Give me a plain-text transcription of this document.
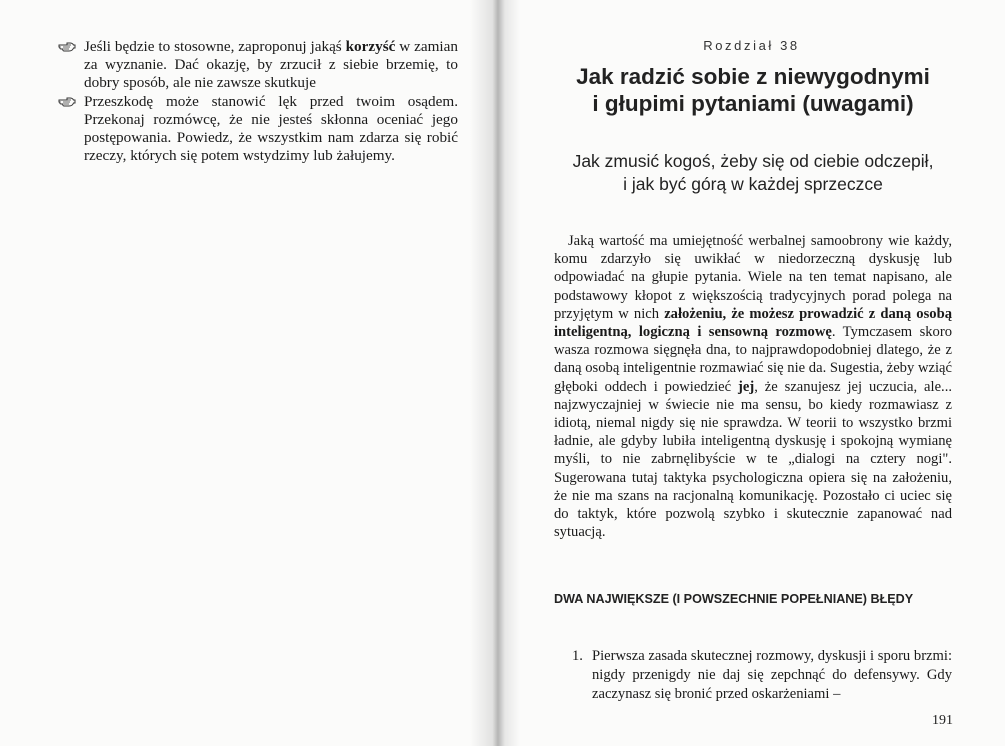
Jeśli będzie to stosowne, zaproponuj jakąś korzyść w zamian za wyznanie. Dać okazję, by zrzucił z siebie brzemię, to dobry sposób, ale nie zawsze skutkuje
Przeszkodę może stanowić lęk przed twoim osądem. Przekonaj rozmówcę, że nie jesteś skłonna oceniać jego postępowania. Powiedz, że wszystkim nam zdarza się robić rzeczy, których się potem wstydzimy lub żałujemy.
Rozdział 38
Jak radzić sobie z niewygodnymi
i głupimi pytaniami (uwagami)
Jak zmusić kogoś, żeby się od ciebie odczepił,
i jak być górą w każdej sprzeczce

Jaką wartość ma umiejętność werbalnej samoobrony wie każdy, komu zdarzyło się uwikłać w niedorzeczną dyskusję lub odpowiadać na głupie pytania. Wiele na ten temat napisano, ale podstawowy kłopot z większością tradycyjnych porad polega na przyjętym w nich założeniu, że możesz prowadzić z daną osobą inteligentną, logiczną i sensowną rozmowę. Tymczasem skoro wasza rozmowa sięgnęła dna, to najprawdopodobniej dlatego, że z daną osobą inteligentnie rozmawiać się nie da. Sugestia, żeby wziąć głęboki oddech i powiedzieć jej, że szanujesz jej uczucia, ale... najzwyczajniej w świecie nie ma sensu, bo kiedy rozmawiasz z idiotą, niemal nigdy się nie sprawdza. W teorii to wszystko brzmi ładnie, ale gdyby lubiła inteligentną dyskusję i spokojną wymianę myśli, to nie zabrnęlibyście w te „dialogi na cztery nogi". Sugerowana tutaj taktyka psychologiczna opiera się na założeniu, że nie ma szans na racjonalną komunikację. Pozostało ci uciec się do taktyk, które pozwolą szybko i skutecznie zapanować nad sytuacją.

DWA NAJWIĘKSZE (I POWSZECHNIE POPEŁNIANE) BŁĘDY
1. Pierwsza zasada skutecznej rozmowy, dyskusji i sporu brzmi: nigdy przenigdy nie daj się zepchnąć do defensywy. Gdy zaczynasz się bronić przed oskarżeniami –
191
